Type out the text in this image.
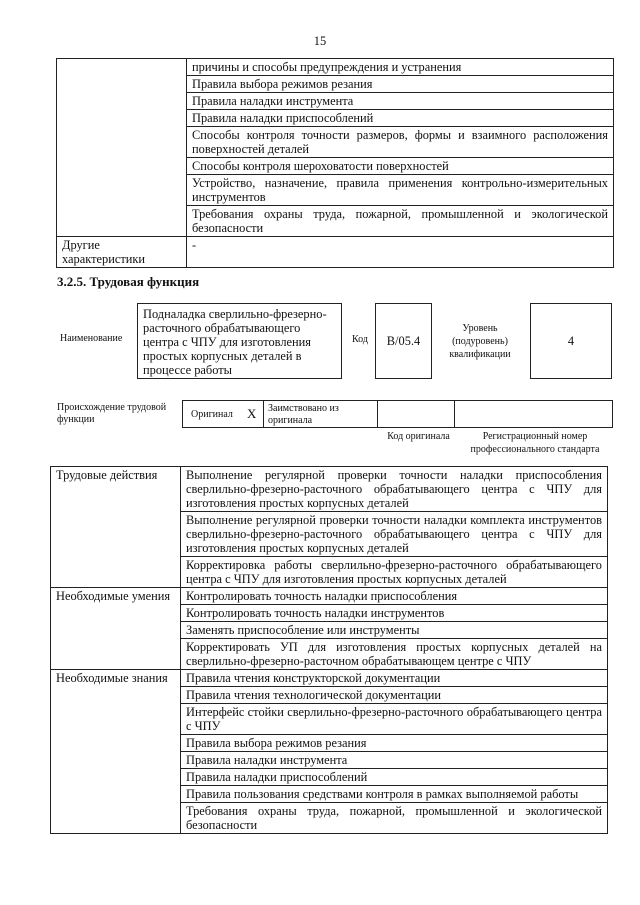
15
	причины и способы предупреждения и устранения
	Правила выбора режимов резания
	Правила наладки инструмента
	Правила наладки приспособлений
	Способы контроля точности размеров, формы и взаимного расположения поверхностей деталей
	Способы контроля шероховатости поверхностей
	Устройство, назначение, правила применения контрольно-измерительных инструментов
	Требования охраны труда, пожарной, промышленной и экологической безопасности
Другие характеристики	-
3.2.5. Трудовая функция
Наименование
Подналадка сверлильно-фрезерно-расточного обрабатывающего центра с ЧПУ для изготовления простых корпусных деталей в процессе работы
Код B/05.4
Уровень (подуровень) квалификации
4
Происхождение трудовой функции	Оригинал X Заимствовано из оригинала
Код оригинала	Регистрационный номер профессионального стандарта
Трудовые действия	Выполнение регулярной проверки точности наладки приспособления сверлильно-фрезерно-расточного обрабатывающего центра с ЧПУ для изготовления простых корпусных деталей
	Выполнение регулярной проверки точности наладки комплекта инструментов сверлильно-фрезерно-расточного обрабатывающего центра с ЧПУ для изготовления простых корпусных деталей
	Корректировка работы сверлильно-фрезерно-расточного обрабатывающего центра с ЧПУ для изготовления простых корпусных деталей
Необходимые умения	Контролировать точность наладки приспособления
	Контролировать точность наладки инструментов
	Заменять приспособление или инструменты
	Корректировать УП для изготовления простых корпусных деталей на сверлильно-фрезерно-расточном обрабатывающем центре с ЧПУ
Необходимые знания	Правила чтения конструкторской документации
	Правила чтения технологической документации
	Интерфейс стойки сверлильно-фрезерно-расточного обрабатывающего центра с ЧПУ
	Правила выбора режимов резания
	Правила наладки инструмента
	Правила наладки приспособлений
	Правила пользования средствами контроля в рамках выполняемой работы
	Требования охраны труда, пожарной, промышленной и экологической безопасности
